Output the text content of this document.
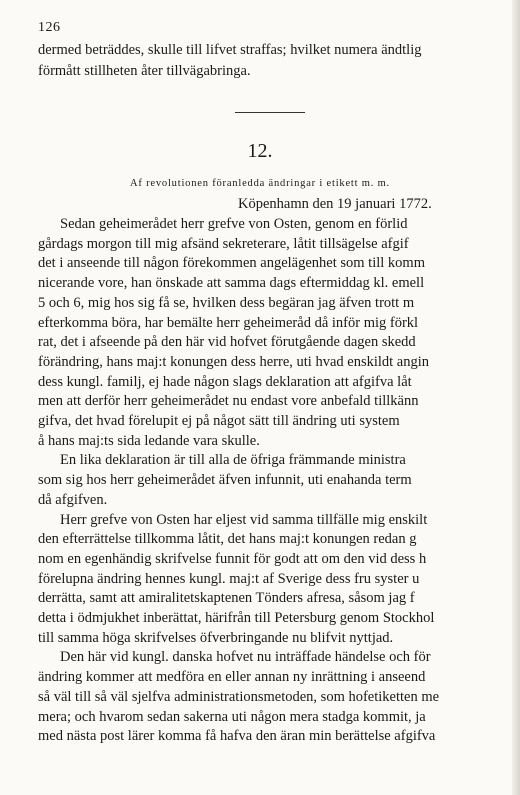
126
dermed beträddes, skulle till lifvet straffas; hvilket numera ändtlig
förmått stillheten åter tillvägabringa.
12.
Af revolutionen föranledda ändringar i etikett m. m.
Köpenhamn den 19 januari 1772.
Sedan geheimerådet herr grefve von Osten, genom en förlid
gårdags morgon till mig afsänd sekreterare, låtit tillsägelse afgif
det i anseende till någon förekommen angelägenhet som till komm
nicerande vore, han önskade att samma dags eftermiddag kl. emell
5 och 6, mig hos sig få se, hvilken dess begäran jag äfven trott m
efterkomma böra, har bemälte herr geheimeråd då inför mig förkl
rat, det i afseende på den här vid hofvet förutgående dagen skedd
förändring, hans maj:t konungen dess herre, uti hvad enskildt angin
dess kungl. familj, ej hade någon slags deklaration att afgifva låt
men att derför herr geheimerådet nu endast vore anbefald tillkänn
gifva, det hvad förelupit ej på något sätt till ändring uti system
å hans maj:ts sida ledande vara skulle.
En lika deklaration är till alla de öfriga främmande ministra
som sig hos herr geheimerådet äfven infunnit, uti enahanda term
då afgifven.
Herr grefve von Osten har eljest vid samma tillfälle mig enskilt
den efterrättelse tillkomma låtit, det hans maj:t konungen redan g
nom en egenhändig skrifvelse funnit för godt att om den vid dess h
förelupna ändring hennes kungl. maj:t af Sverige dess fru syster u
derrätta, samt att amiralitetskaptenen Tönders afresa, såsom jag f
detta i ödmjukhet inberättat, härifrån till Petersburg genom Stockhol
till samma höga skrifvelses öfverbringande nu blifvit nyttjad.
Den här vid kungl. danska hofvet nu inträffade händelse och för
ändring kommer att medföra en eller annan ny inrättning i anseend
så väl till så väl sjelfva administrationsmetoden, som hofetiketten me
mera; och hvarom sedan sakerna uti någon mera stadga kommit, ja
med nästa post lärer komma få hafva den äran min berättelse afgifva
